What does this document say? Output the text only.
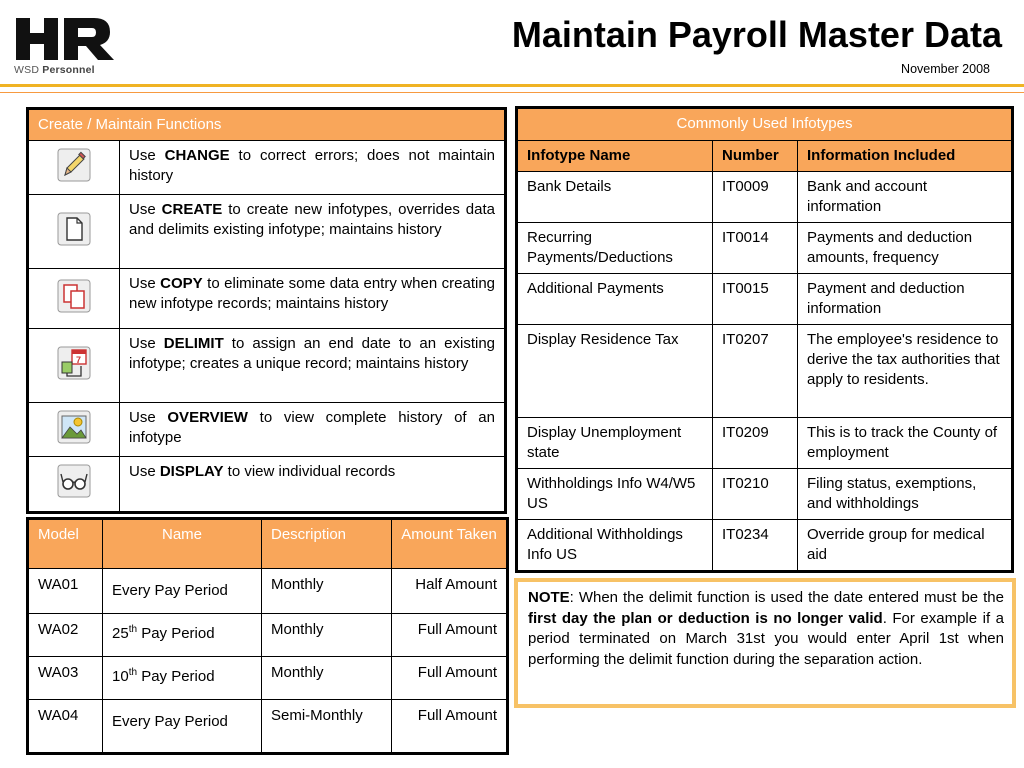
WSD Personnel
Maintain Payroll Master Data
November 2008
Create / Maintain Functions	
	Use CHANGE to correct errors; does not maintain history
	Use CREATE to create new infotypes, overrides data and delimits existing infotype; maintains history
	Use COPY to eliminate some data entry when creating new infotype records; maintains history

7	Use DELIMIT to assign an end date to an existing infotype; creates a unique record; maintains history
	Use OVERVIEW to view complete history of an infotype
	Use DISPLAY to view individual records
Model	Name	Description	Amount Taken
WA01	Every Pay Period	Monthly	Half Amount
WA02	25th Pay Period	Monthly	Full Amount
WA03	10th Pay Period	Monthly	Full Amount
WA04	Every Pay Period	Semi-Monthly	Full Amount
Commonly Used Infotypes		
Infotype Name	Number	Information Included
Bank Details	IT0009	Bank and account information
Recurring Payments/Deductions	IT0014	Payments and deduction amounts, frequency
Additional Payments	IT0015	Payment and deduction information
Display Residence Tax	IT0207	The employee's residence to derive the tax authorities that apply to residents.
Display Unemployment state	IT0209	This is to track the County of employment
Withholdings Info W4/W5 US	IT0210	Filing status, exemptions, and withholdings
Additional Withholdings Info US	IT0234	Override group for medical aid
NOTE: When the delimit function is used the date entered must be the first day the plan or deduction is no longer valid. For example if a period terminated on March 31st you would enter April 1st when performing the delimit function during the separation action.
